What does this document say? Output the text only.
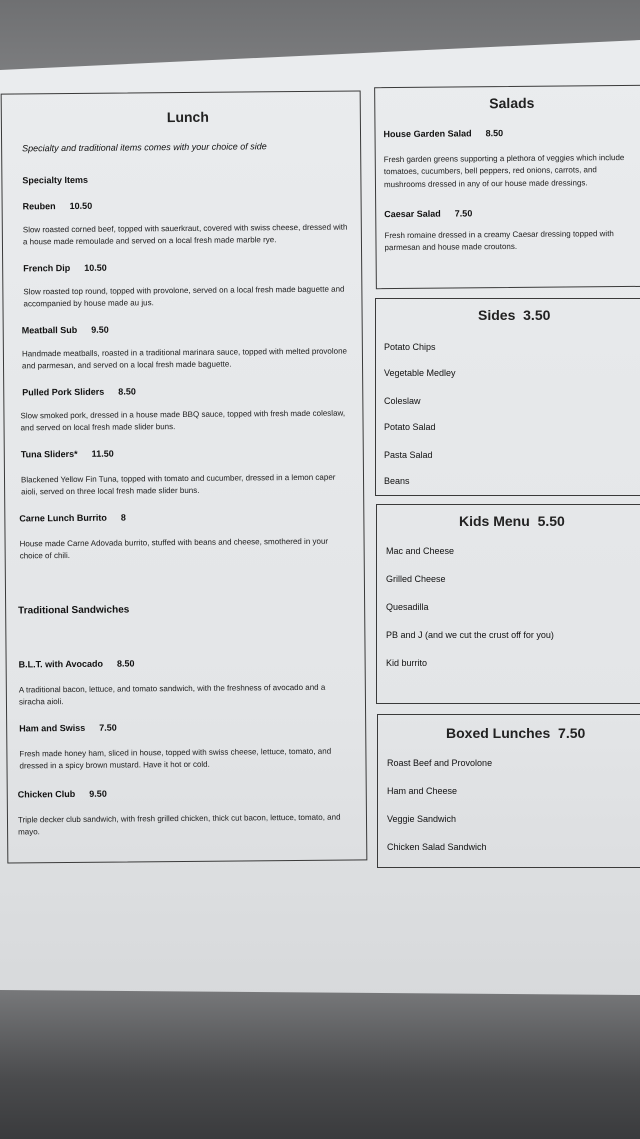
Lunch
Specialty and traditional items comes with your choice of side
Specialty Items
Reuben 10.50
Slow roasted corned beef, topped with sauerkraut, covered with swiss cheese, dressed with a house made remoulade and served on a local fresh made marble rye.
French Dip 10.50
Slow roasted top round, topped with provolone, served on a local fresh made baguette and accompanied by house made au jus.
Meatball Sub 9.50
Handmade meatballs, roasted in a traditional marinara sauce, topped with melted provolone and parmesan, and served on a local fresh made baguette.
Pulled Pork Sliders 8.50
Slow smoked pork, dressed in a house made BBQ sauce, topped with fresh made coleslaw, and served on local fresh made slider buns.
Tuna Sliders* 11.50
Blackened Yellow Fin Tuna, topped with tomato and cucumber, dressed in a lemon caper aioli, served on three local fresh made slider buns.
Carne Lunch Burrito 8
House made Carne Adovada burrito, stuffed with beans and cheese, smothered in your choice of chili.
Traditional Sandwiches
B.L.T. with Avocado 8.50
A traditional bacon, lettuce, and tomato sandwich, with the freshness of avocado and a siracha aioli.
Ham and Swiss 7.50
Fresh made honey ham, sliced in house, topped with swiss cheese, lettuce, tomato, and dressed in a spicy brown mustard. Have it hot or cold.
Chicken Club 9.50
Triple decker club sandwich, with fresh grilled chicken, thick cut bacon, lettuce, tomato, and mayo.
Salads
House Garden Salad 8.50
Fresh garden greens supporting a plethora of veggies which include tomatoes, cucumbers, bell peppers, red onions, carrots, and mushrooms dressed in any of our house made dressings.
Caesar Salad 7.50
Fresh romaine dressed in a creamy Caesar dressing topped with parmesan and house made croutons.
Sides 3.50
Potato Chips
Vegetable Medley
Coleslaw
Potato Salad
Pasta Salad
Beans
Kids Menu 5.50
Mac and Cheese
Grilled Cheese
Quesadilla
PB and J (and we cut the crust off for you)
Kid burrito
Boxed Lunches 7.50
Roast Beef and Provolone
Ham and Cheese
Veggie Sandwich
Chicken Salad Sandwich
